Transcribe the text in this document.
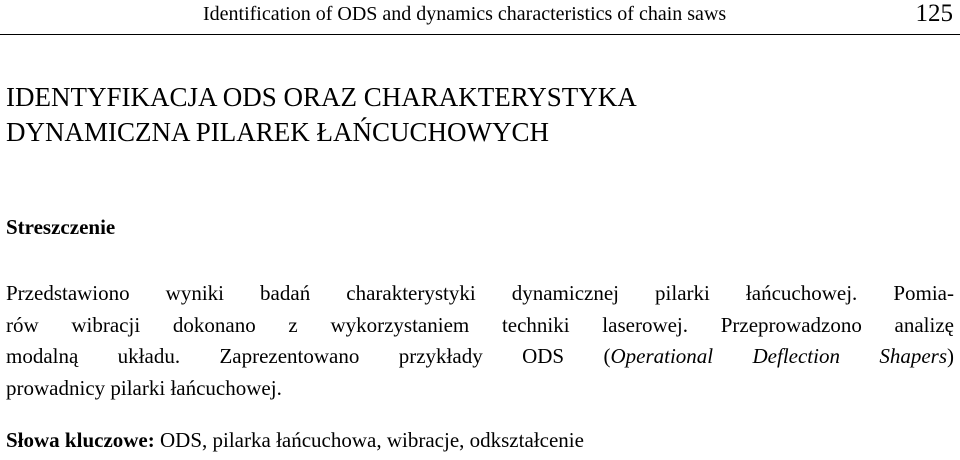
Identification of ODS and dynamics characteristics of chain saws	125
IDENTYFIKACJA ODS ORAZ CHARAKTERYSTYKA
DYNAMICZNA PILAREK ŁAŃCUCHOWYCH
Streszczenie

Przedstawiono wyniki badań charakterystyki dynamicznej pilarki łańcuchowej. Pomia-
rów wibracji dokonano z wykorzystaniem techniki laserowej. Przeprowadzono analizę
modalną układu. Zaprezentowano przykłady ODS (Operational Deflection Shapers)
prowadnicy pilarki łańcuchowej.

Słowa kluczowe: ODS, pilarka łańcuchowa, wibracje, odkształcenie
